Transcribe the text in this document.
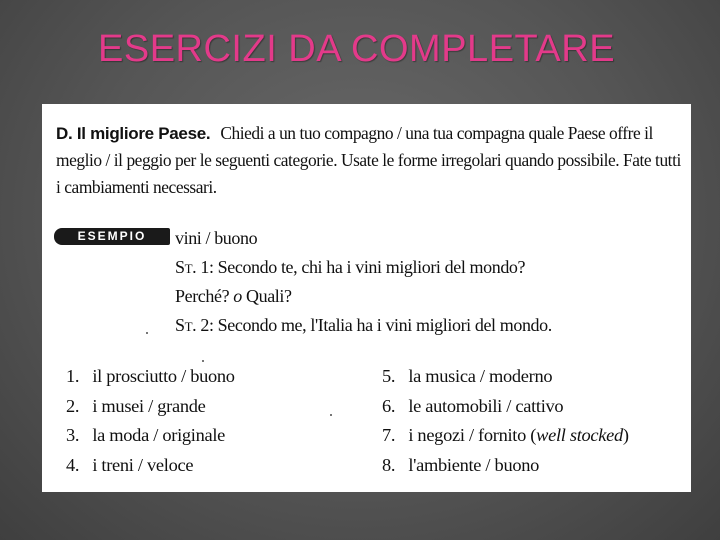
ESERCIZI DA COMPLETARE
D. Il migliore Paese. Chiedi a un tuo compagno / una tua compagna quale Paese offre il meglio / il peggio per le seguenti categorie. Usate le forme irregolari quando possibile. Fate tutti i cambiamenti necessari.
ESEMPIO	vini / buono
St. 1: Secondo te, chi ha i vini migliori del mondo?
Perché? o Quali?
St. 2: Secondo me, l'Italia ha i vini migliori del mondo.
1. il prosciutto / buono
2. i musei / grande
3. la moda / originale
4. i treni / veloce
5. la musica / moderno
6. le automobili / cattivo
7. i negozi / fornito (well stocked)
8. l'ambiente / buono
